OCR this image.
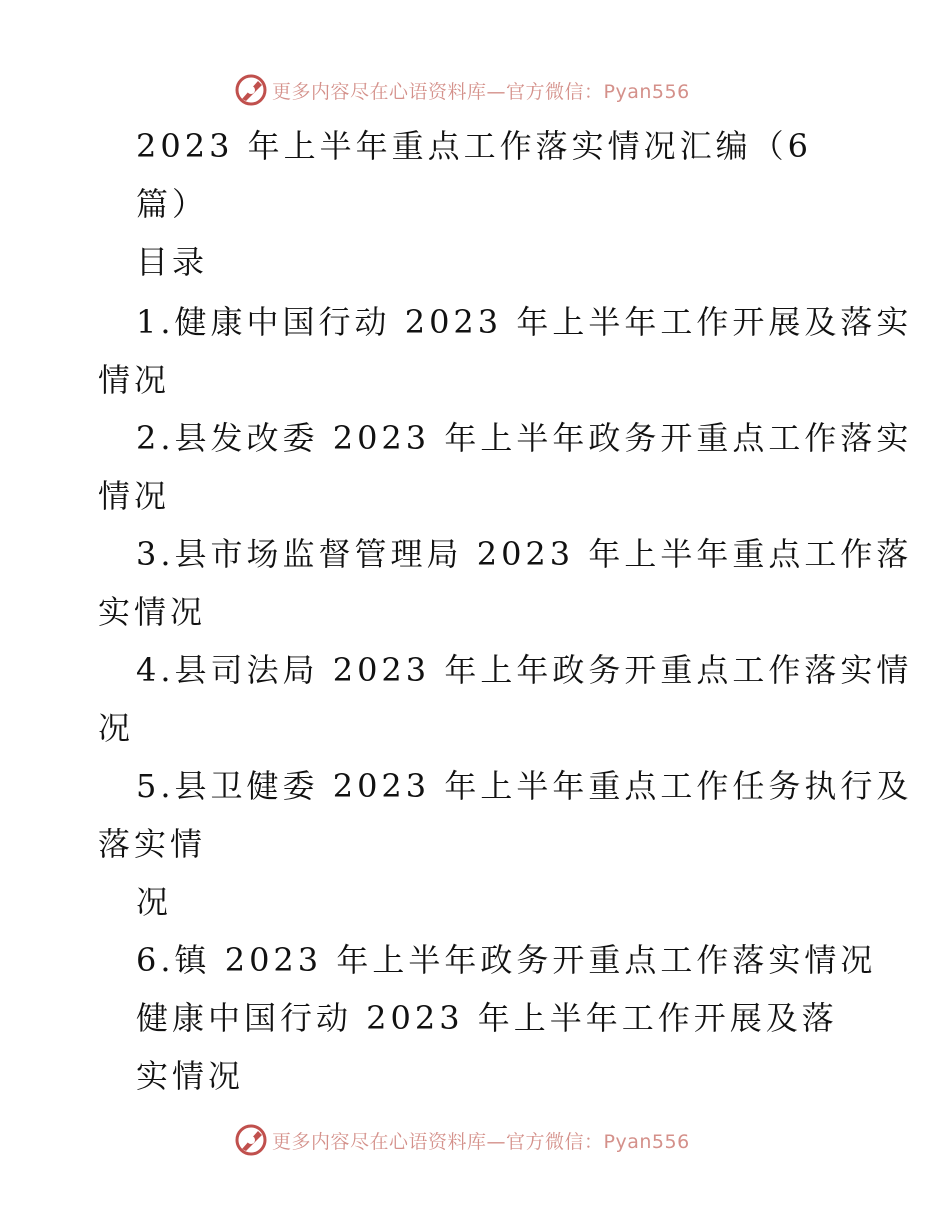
更多内容尽在心语资料库—官方微信：Pyan556
2023 年上半年重点工作落实情况汇编（6
篇）
目录
1.健康中国行动 2023 年上半年工作开展及落实
情况
2.县发改委 2023 年上半年政务开重点工作落实
情况
3.县市场监督管理局 2023 年上半年重点工作落
实情况
4.县司法局 2023 年上年政务开重点工作落实情
况
5.县卫健委 2023 年上半年重点工作任务执行及
落实情
况
6.镇 2023 年上半年政务开重点工作落实情况
健康中国行动 2023 年上半年工作开展及落
实情况
更多内容尽在心语资料库—官方微信：Pyan556
